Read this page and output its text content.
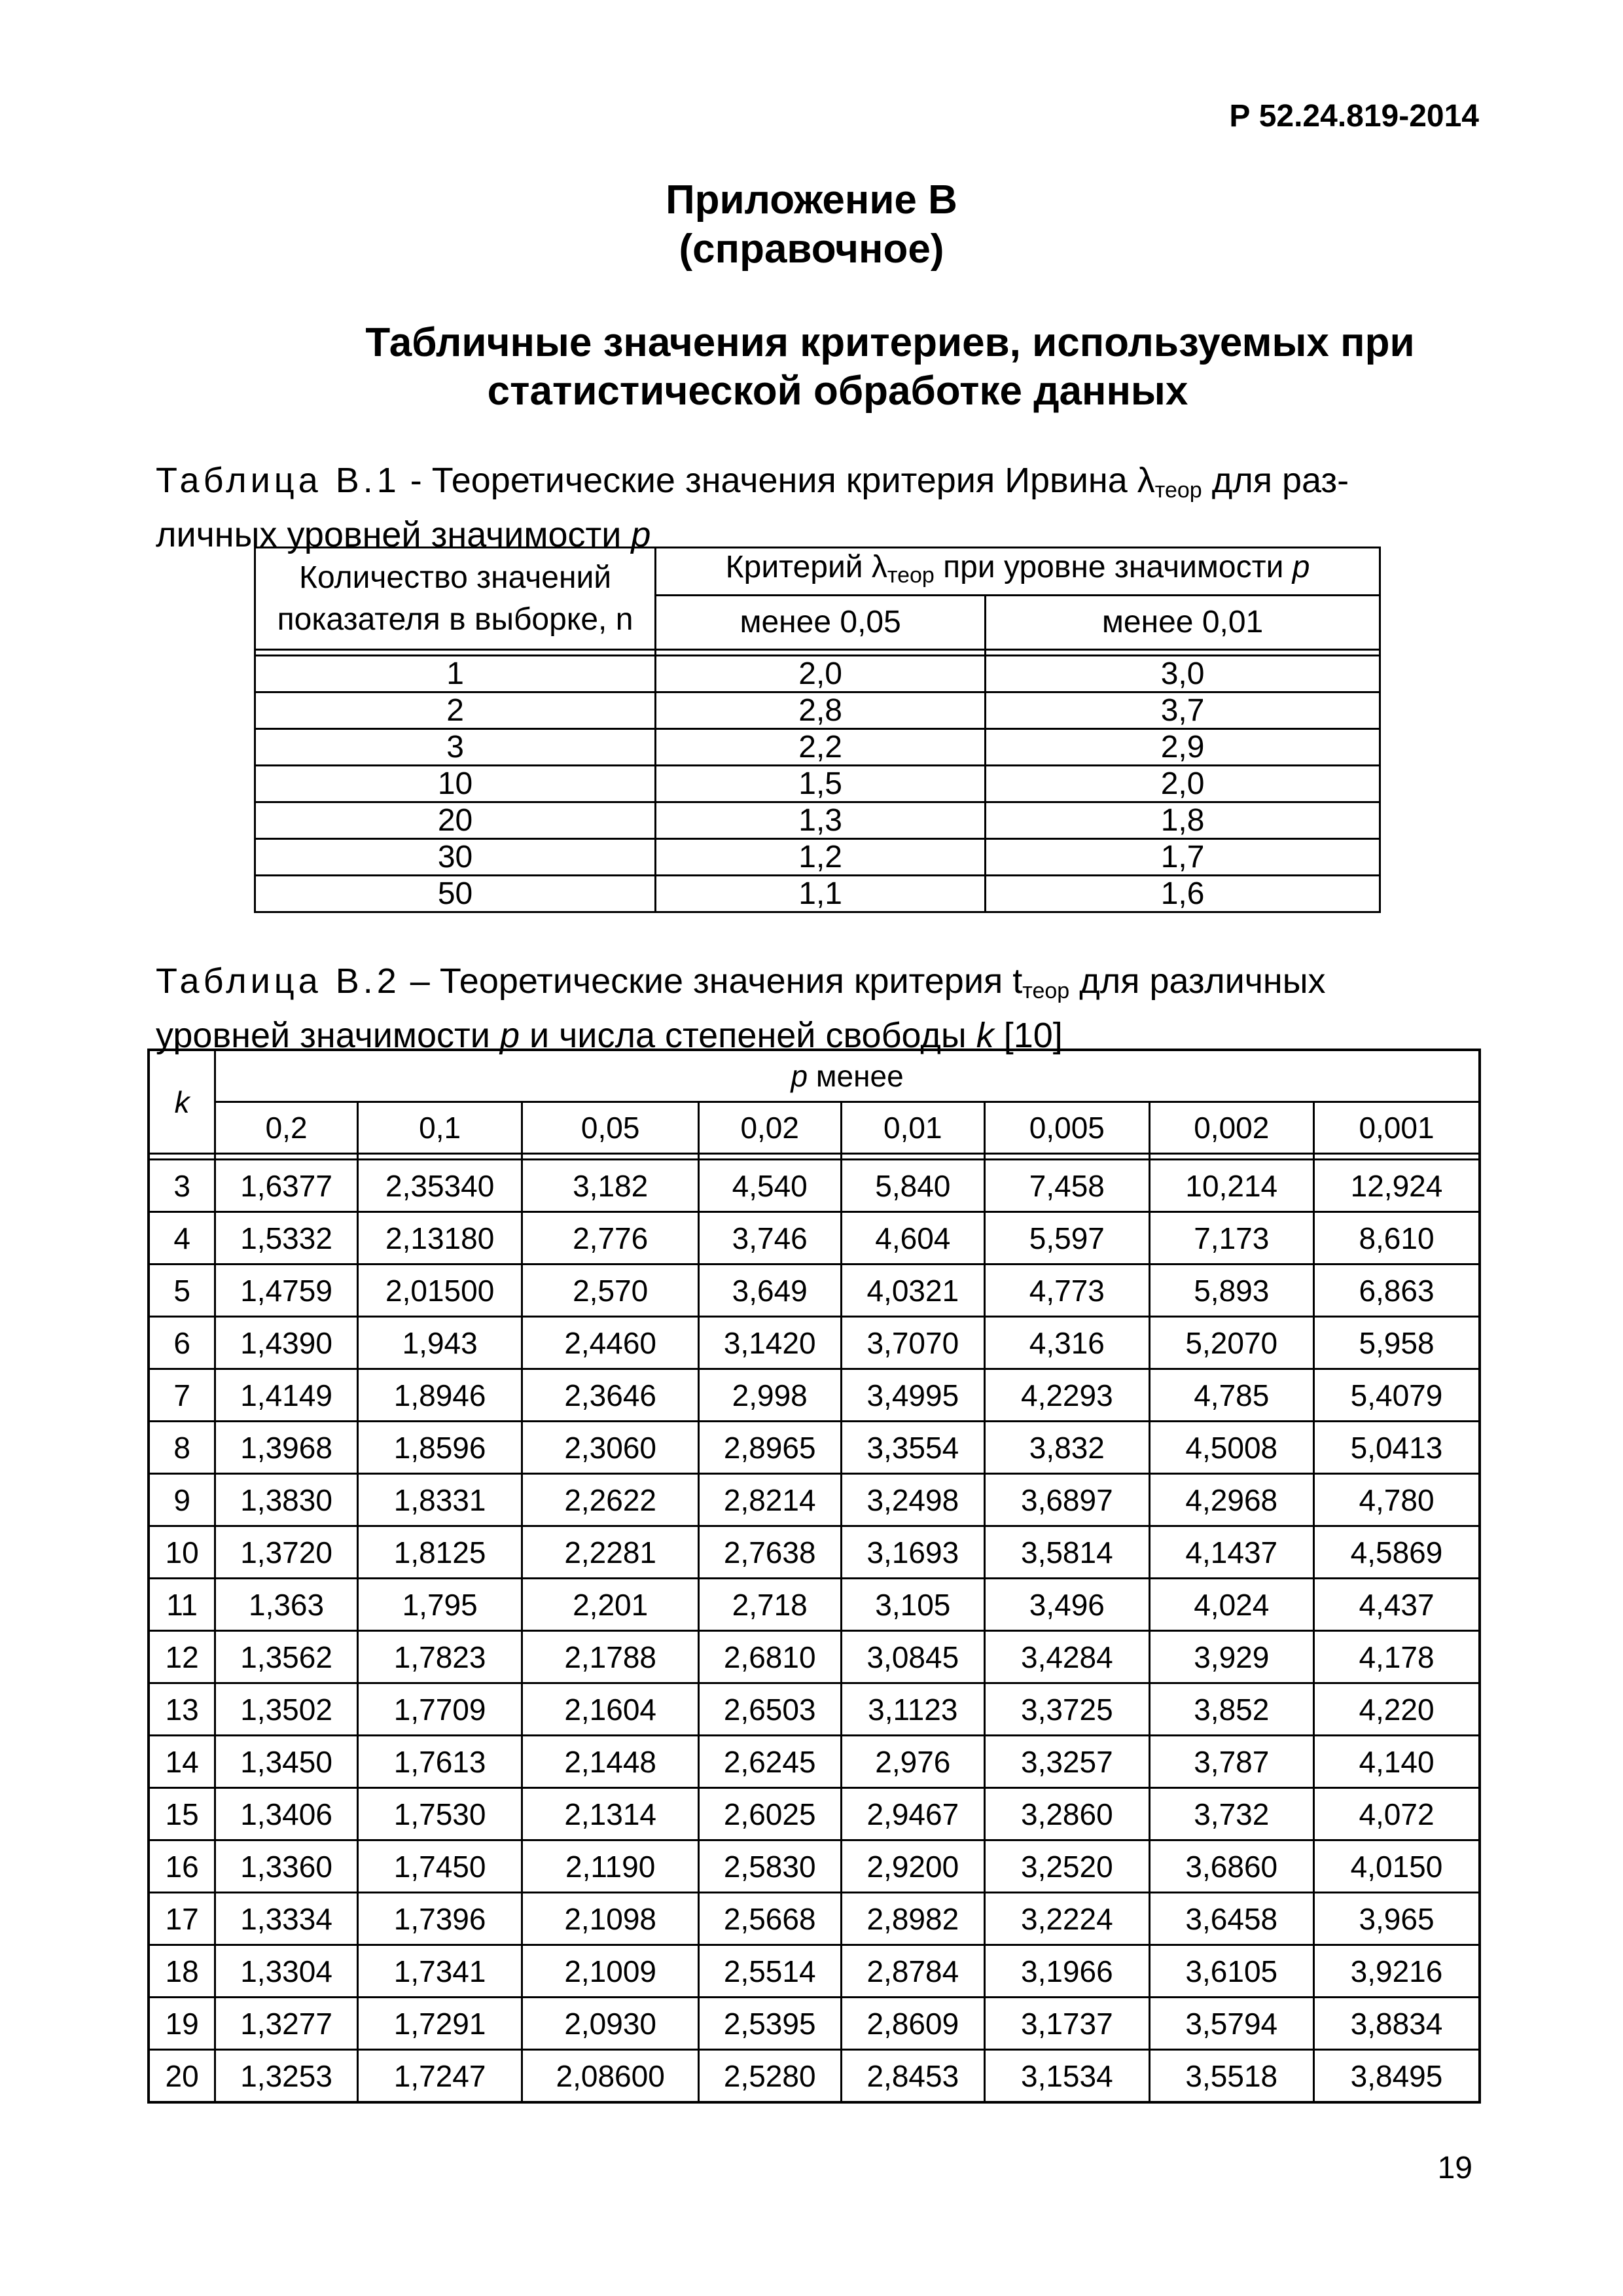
Р 52.24.819-2014
Приложение В
(справочное)
Табличные значения критериев, используемых при
статистической обработке данных
Таблица В.1 - Теоретические значения критерия Ирвина $\lambda_{теор}$ для раз-
личных уровней значимости p
Количество значений показателя в выборке, n	Критерий $\lambda_{теор}$ при уровне значимости p	
	менее 0,05	менее 0,01

1	2,0	3,0
2	2,8	3,7
3	2,2	2,9
10	1,5	2,0
20	1,3	1,8
30	1,2	1,7
50	1,1	1,6
Таблица В.2 – Теоретические значения критерия $t_{теор}$ для различных
уровней значимости p и числа степеней свободы k [10]
k	p менее							
	0,2	0,1	0,05	0,02	0,01	0,005	0,002	0,001

3	1,6377	2,35340	3,182	4,540	5,840	7,458	10,214	12,924
4	1,5332	2,13180	2,776	3,746	4,604	5,597	7,173	8,610
5	1,4759	2,01500	2,570	3,649	4,0321	4,773	5,893	6,863
6	1,4390	1,943	2,4460	3,1420	3,7070	4,316	5,2070	5,958
7	1,4149	1,8946	2,3646	2,998	3,4995	4,2293	4,785	5,4079
8	1,3968	1,8596	2,3060	2,8965	3,3554	3,832	4,5008	5,0413
9	1,3830	1,8331	2,2622	2,8214	3,2498	3,6897	4,2968	4,780
10	1,3720	1,8125	2,2281	2,7638	3,1693	3,5814	4,1437	4,5869
11	1,363	1,795	2,201	2,718	3,105	3,496	4,024	4,437
12	1,3562	1,7823	2,1788	2,6810	3,0845	3,4284	3,929	4,178
13	1,3502	1,7709	2,1604	2,6503	3,1123	3,3725	3,852	4,220
14	1,3450	1,7613	2,1448	2,6245	2,976	3,3257	3,787	4,140
15	1,3406	1,7530	2,1314	2,6025	2,9467	3,2860	3,732	4,072
16	1,3360	1,7450	2,1190	2,5830	2,9200	3,2520	3,6860	4,0150
17	1,3334	1,7396	2,1098	2,5668	2,8982	3,2224	3,6458	3,965
18	1,3304	1,7341	2,1009	2,5514	2,8784	3,1966	3,6105	3,9216
19	1,3277	1,7291	2,0930	2,5395	2,8609	3,1737	3,5794	3,8834
20	1,3253	1,7247	2,08600	2,5280	2,8453	3,1534	3,5518	3,8495
19
